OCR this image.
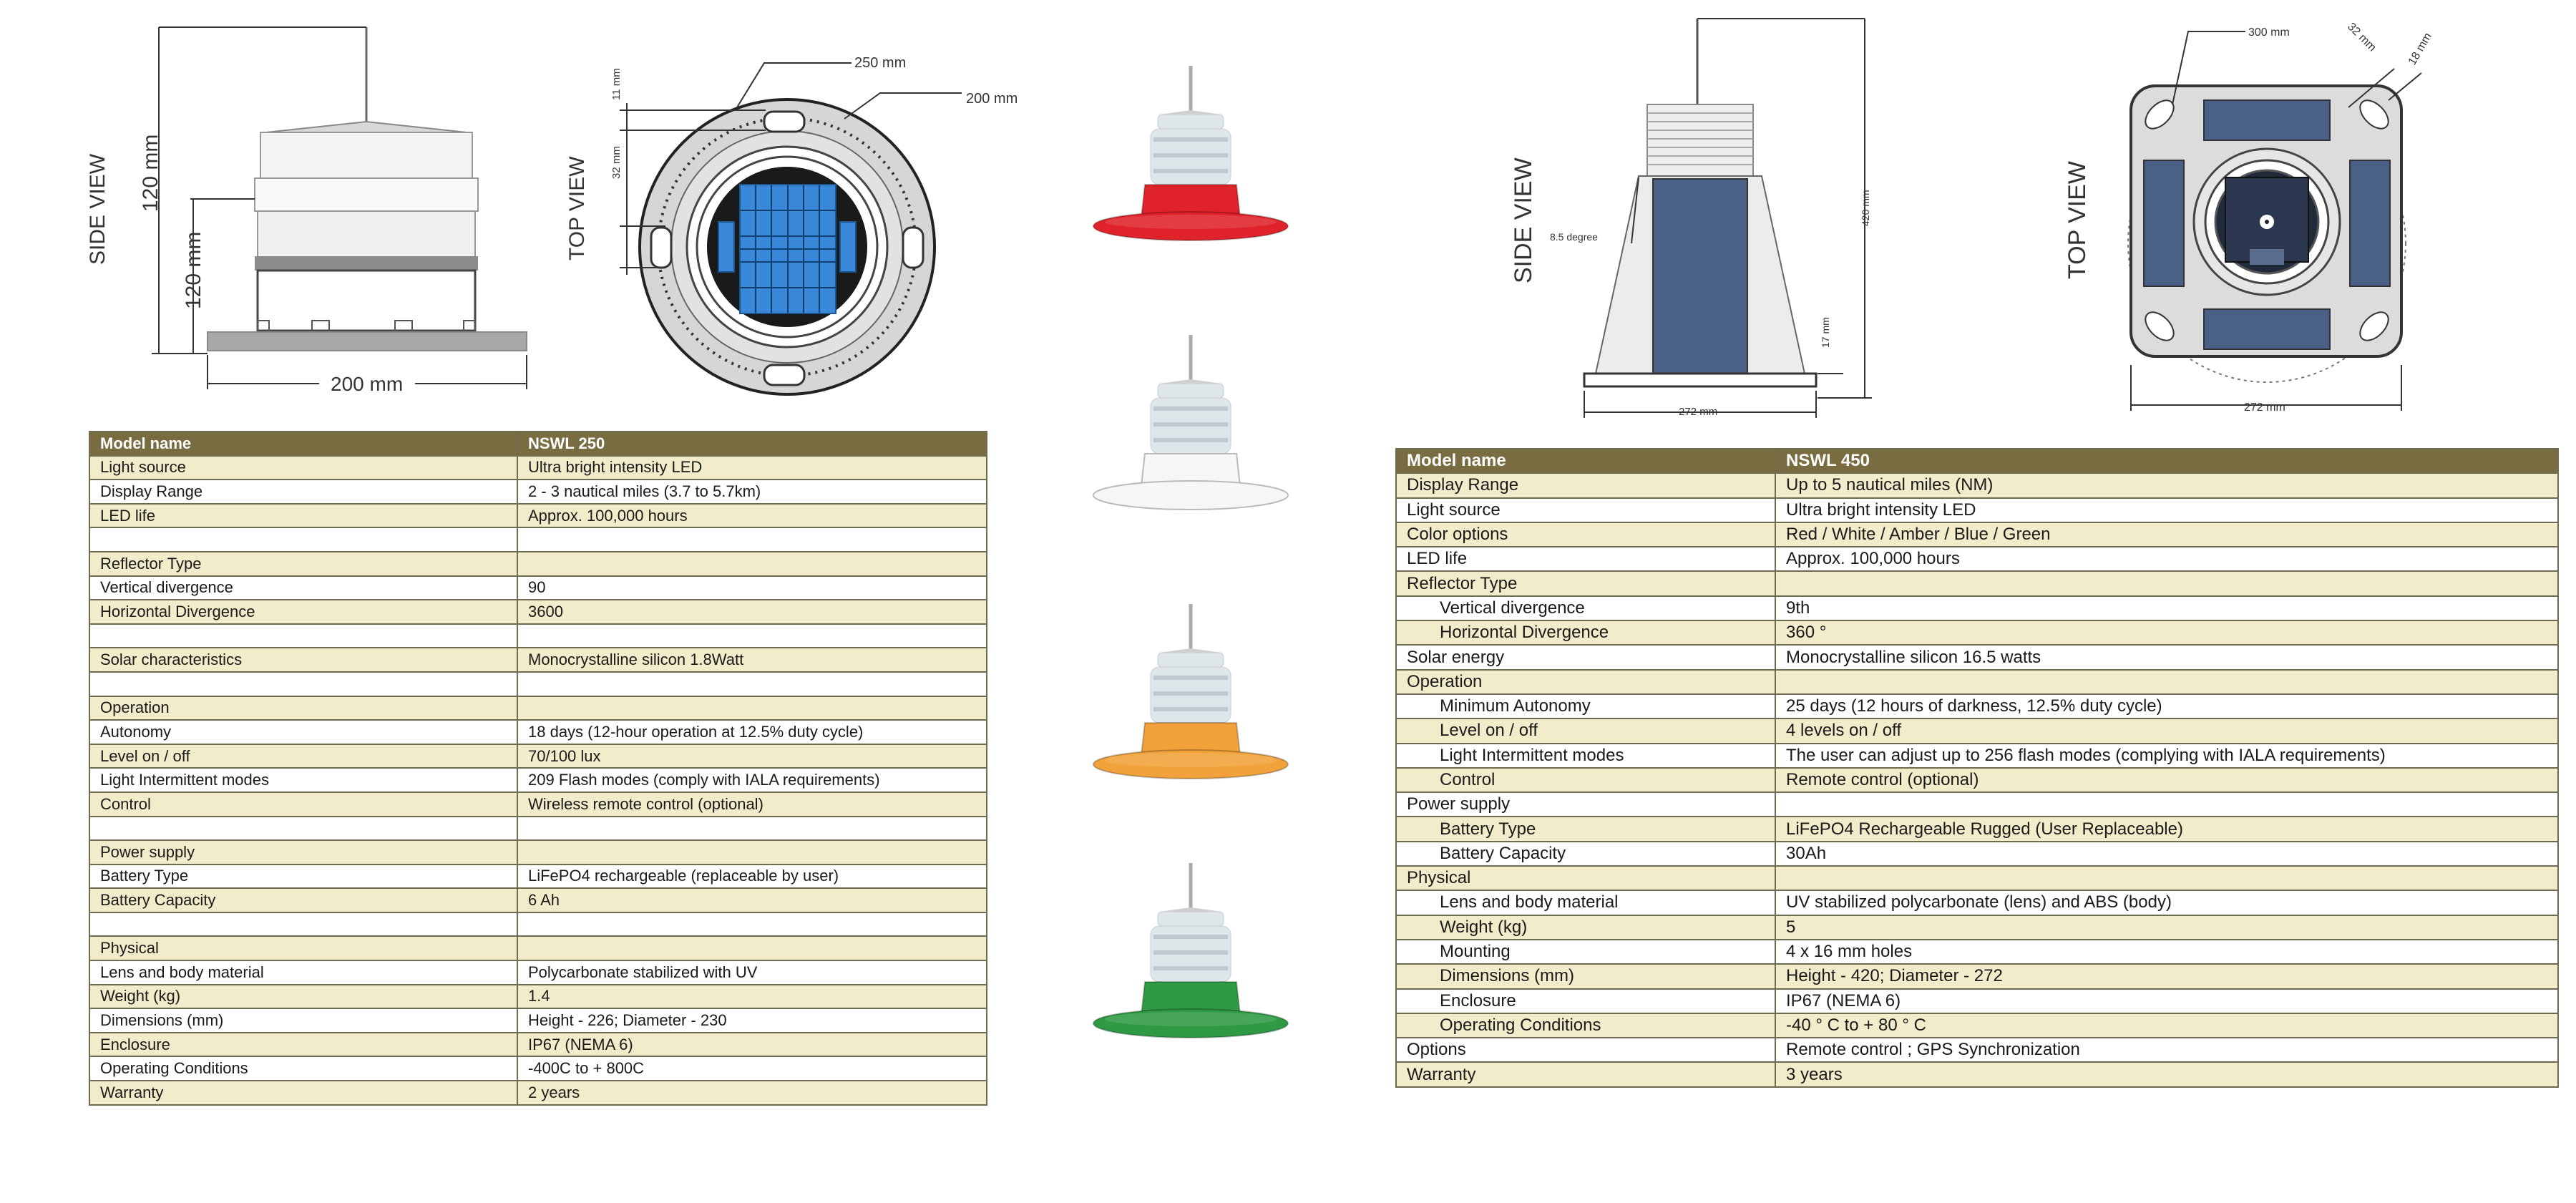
SIDE VIEW 120 mm
120 mm
200 mm
TOP VIEW
250 mm
200 mm
11 mm
32 mm	SIDE VIEW 8.5 degree
420 mm
17 mm
272 mm
TOP VIEW
300 mm	32 mm 18 mm
272 mm
Model name	NSWL 250
Light source	Ultra bright intensity LED
Display Range	2 - 3 nautical miles (3.7 to 5.7km)
LED life	Approx. 100,000 hours

Reflector Type	
Vertical divergence	90
Horizontal Divergence	3600

Solar characteristics	Monocrystalline silicon 1.8Watt

Operation	
Autonomy	18 days (12-hour operation at 12.5% duty cycle)
Level on / off	70/100 lux
Light Intermittent modes	209 Flash modes (comply with IALA requirements)
Control	Wireless remote control (optional)

Power supply	
Battery Type	LiFePO4 rechargeable (replaceable by user)
Battery Capacity	6 Ah

Physical	
Lens and body material	Polycarbonate stabilized with UV
Weight (kg)	1.4
Dimensions (mm)	Height - 226; Diameter - 230
Enclosure	IP67 (NEMA 6)
Operating Conditions	-400C to + 800C
Warranty	2 years
Model name	NSWL 450
Display Range	Up to 5 nautical miles (NM)
Light source	Ultra bright intensity LED
Color options	Red / White / Amber / Blue / Green
LED life	Approx. 100,000 hours
Reflector Type	
Vertical divergence	9th
Horizontal Divergence	360 °
Solar energy	Monocrystalline silicon 16.5 watts
Operation	
Minimum Autonomy	25 days (12 hours of darkness, 12.5% duty cycle)
Level on / off	4 levels on / off
Light Intermittent modes	The user can adjust up to 256 flash modes (complying with IALA requirements)
Control	Remote control (optional)
Power supply	
Battery Type	LiFePO4 Rechargeable Rugged (User Replaceable)
Battery Capacity	30Ah
Physical	
Lens and body material	UV stabilized polycarbonate (lens) and ABS (body)
Weight (kg)	5
Mounting	4 x 16 mm holes
Dimensions (mm)	Height - 420; Diameter - 272
Enclosure	IP67 (NEMA 6)
Operating Conditions	-40 ° C to + 80 ° C
Options	Remote control ; GPS Synchronization
Warranty	3 years
